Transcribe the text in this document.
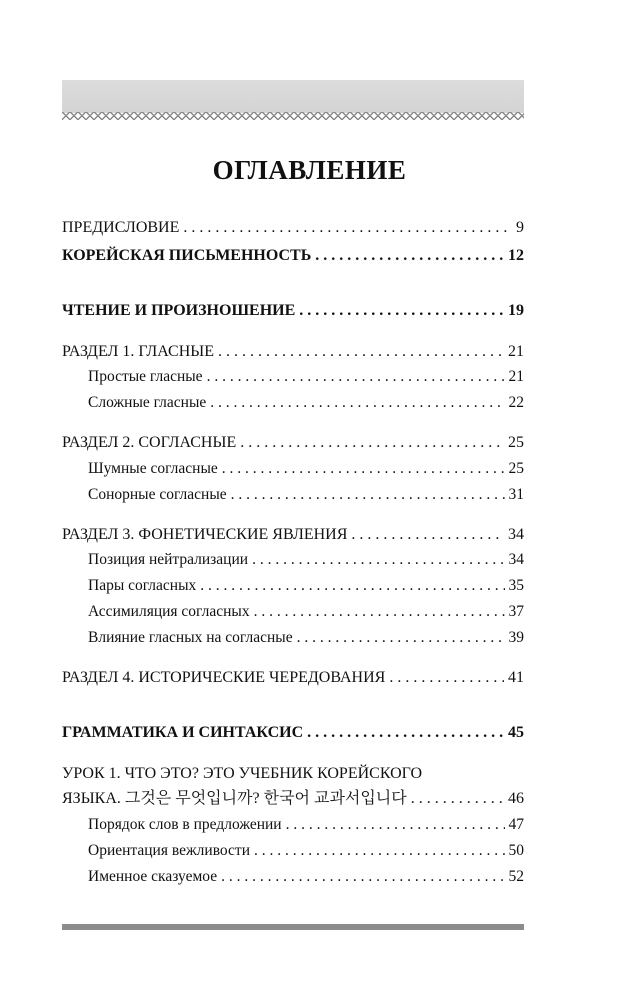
ОГЛАВЛЕНИЕ
ПРЕДИСЛОВИЕ . . .	9
КОРЕЙСКАЯ ПИСЬМЕННОСТЬ . . .	12
ЧТЕНИЕ И ПРОИЗНОШЕНИЕ . . .	19
РАЗДЕЛ 1. ГЛАСНЫЕ . . .	21
Простые гласные . . .	21
Сложные гласные . . .	22
РАЗДЕЛ 2. СОГЛАСНЫЕ . . .	25
Шумные согласные . . .	25
Сонорные согласные . . .	31
РАЗДЕЛ 3. ФОНЕТИЧЕСКИЕ ЯВЛЕНИЯ . . .	34
Позиция нейтрализации . . .	34
Пары согласных . . .	35
Ассимиляция согласных . . .	37
Влияние гласных на согласные . . .	39
РАЗДЕЛ 4. ИСТОРИЧЕСКИЕ ЧЕРЕДОВАНИЯ . . .	41
ГРАММАТИКА И СИНТАКСИС . . .	45
УРОК 1. ЧТО ЭТО? ЭТО УЧЕБНИК КОРЕЙСКОГО
ЯЗЫКА. 그것은 무엇입니까? 한국어 교과서입니다 . . .	46
Порядок слов в предложении . . .	47
Ориентация вежливости . . .	50
Именное сказуемое . . .	52
